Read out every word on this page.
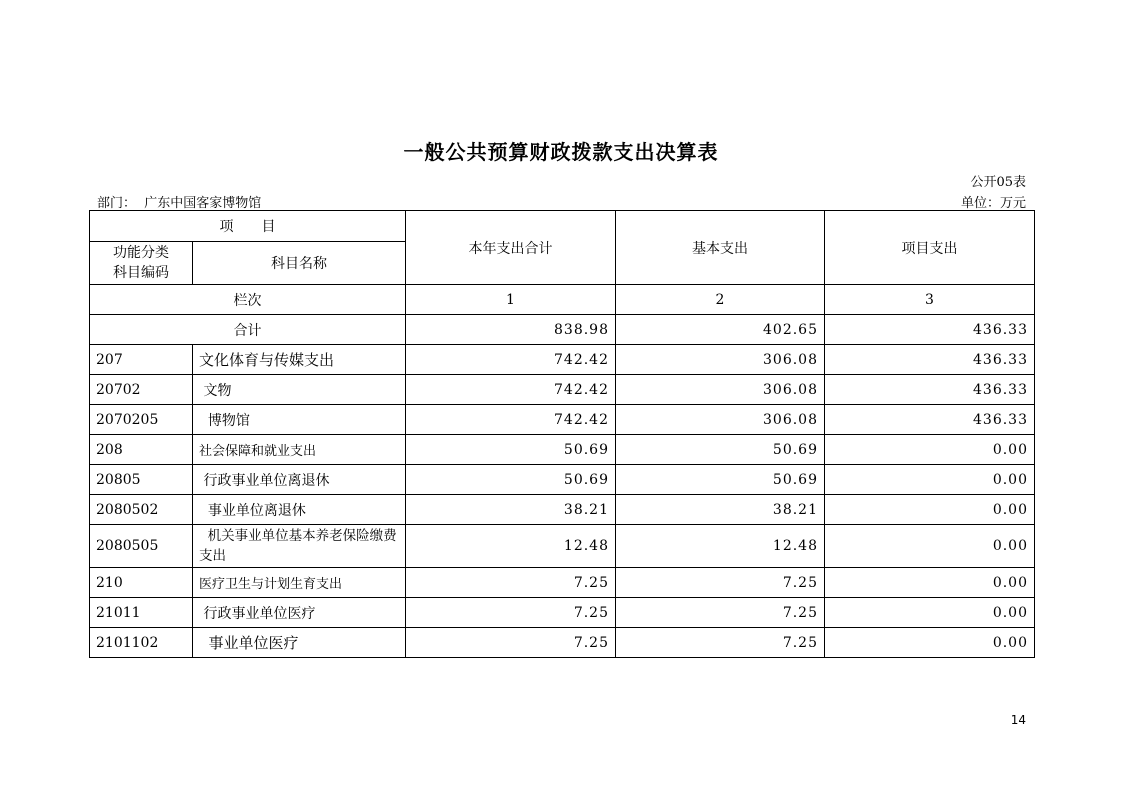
一般公共预算财政拨款支出决算表
公开05表
部门： 广东中国客家博物馆	单位：万元
项　　目		本年支出合计	基本支出	项目支出
功能分类
科目编码	科目名称			
栏次		1	2	3
合计		838.98	402.65	436.33
207	文化体育与传媒支出	742.42	306.08	436.33
20702	文物	742.42	306.08	436.33
2070205	博物馆	742.42	306.08	436.33
208	社会保障和就业支出	50.69	50.69	0.00
20805	行政事业单位离退休	50.69	50.69	0.00
2080502	事业单位离退休	38.21	38.21	0.00
2080505	机关事业单位基本养老保险缴费支出	12.48	12.48	0.00
210	医疗卫生与计划生育支出	7.25	7.25	0.00
21011	行政事业单位医疗	7.25	7.25	0.00
2101102	事业单位医疗	7.25	7.25	0.00
14
